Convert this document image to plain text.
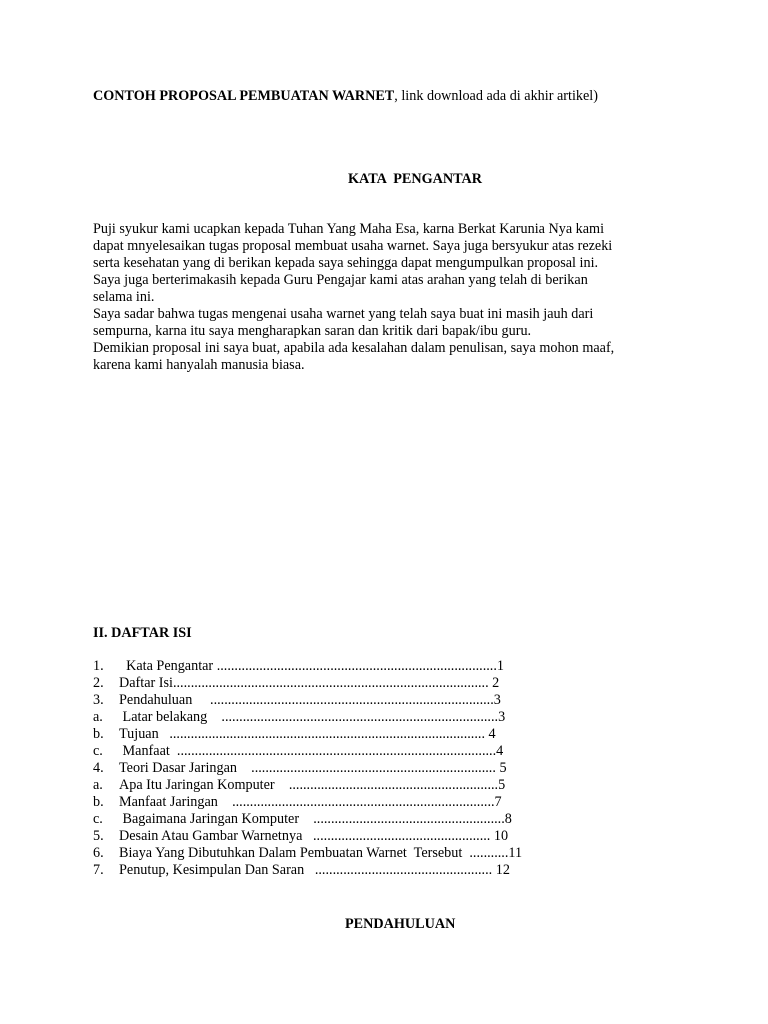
CONTOH PROPOSAL PEMBUATAN WARNET, link download ada di akhir artikel)

KATA  PENGANTAR

Puji syukur kami ucapkan kepada Tuhan Yang Maha Esa, karna Berkat Karunia Nya kami

dapat mnyelesaikan tugas proposal membuat usaha warnet. Saya juga bersyukur atas rezeki

serta kesehatan yang di berikan kepada saya sehingga dapat mengumpulkan proposal ini.

Saya juga berterimakasih kepada Guru Pengajar kami atas arahan yang telah di berikan

selama ini.

Saya sadar bahwa tugas mengenai usaha warnet yang telah saya buat ini masih jauh dari

sempurna, karna itu saya mengharapkan saran dan kritik dari bapak/ibu guru.

Demikian proposal ini saya buat, apabila ada kesalahan dalam penulisan, saya mohon maaf,

karena kami hanyalah manusia biasa.

II. DAFTAR ISI

1.  Kata Pengantar ...............................................................................1

2. Daftar Isi......................................................................................... 2

3. Pendahuluan     ................................................................................3

a. Latar belakang    ..............................................................................3

b. Tujuan   ......................................................................................... 4

c. Manfaat  ..........................................................................................4

4. Teori Dasar Jaringan    ..................................................................... 5

a. Apa Itu Jaringan Komputer    ...........................................................5

b. Manfaat Jaringan    ..........................................................................7

c. Bagaimana Jaringan Komputer    ......................................................8

5. Desain Atau Gambar Warnetnya   .................................................. 10

6. Biaya Yang Dibutuhkan Dalam Pembuatan Warnet  Tersebut  ...........11

7. Penutup, Kesimpulan Dan Saran   .................................................. 12

PENDAHULUAN
